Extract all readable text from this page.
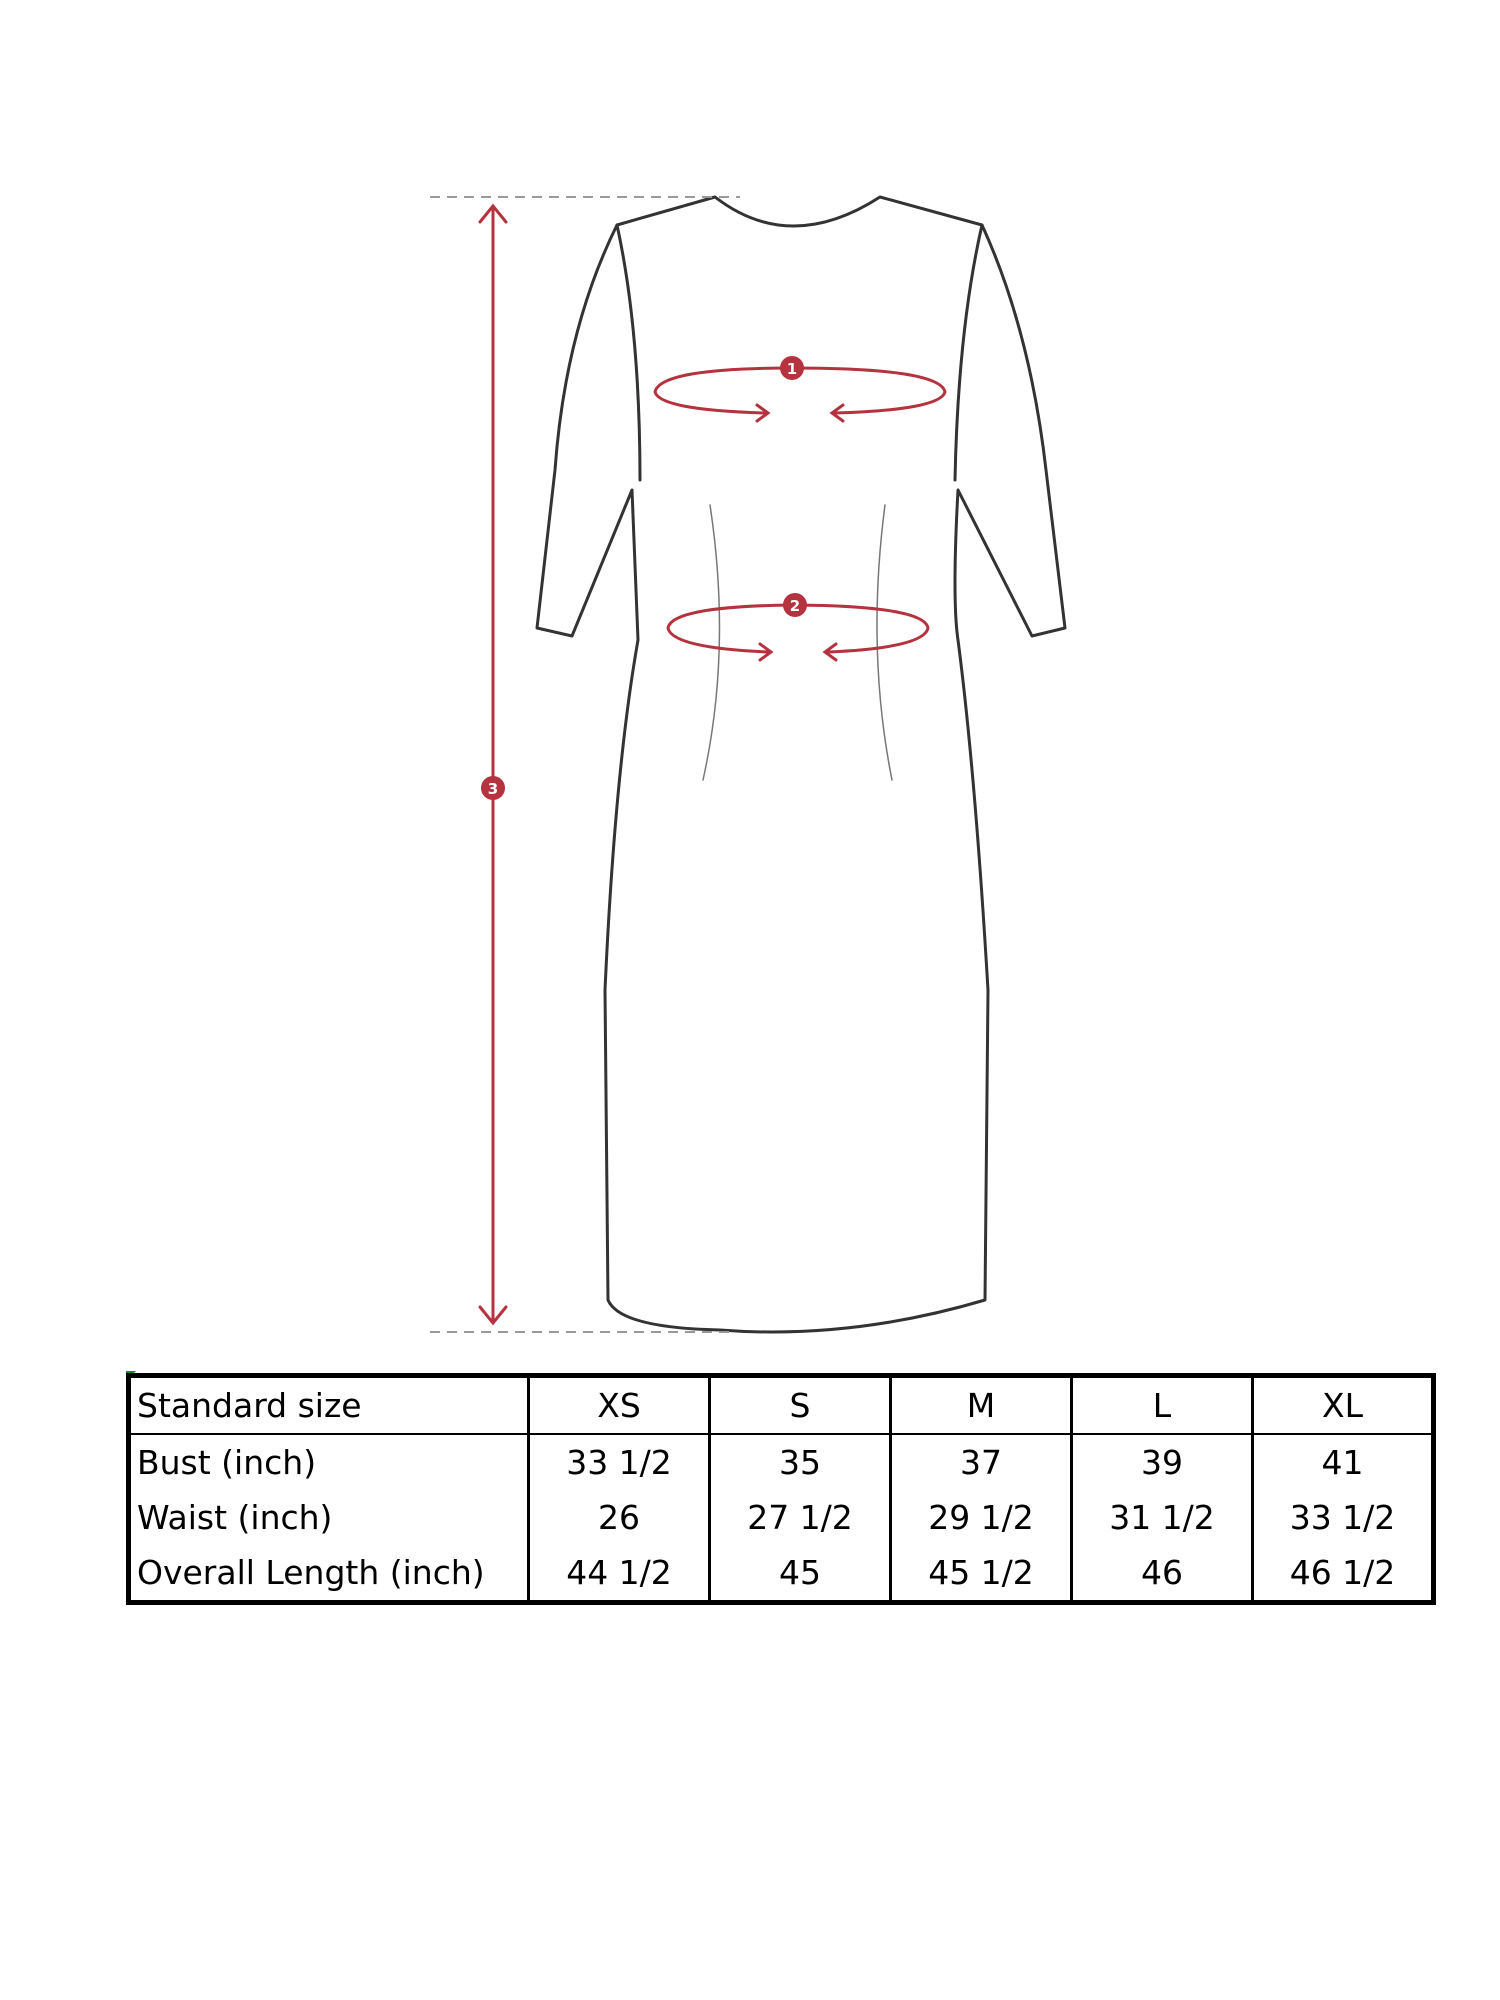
1
2
3
Standard size	XS	S	M	L	XL
Bust (inch)	33 1/2	35	37	39	41
Waist (inch)	26	27 1/2	29 1/2	31 1/2	33 1/2
Overall Length (inch)	44 1/2	45	45 1/2	46	46 1/2
